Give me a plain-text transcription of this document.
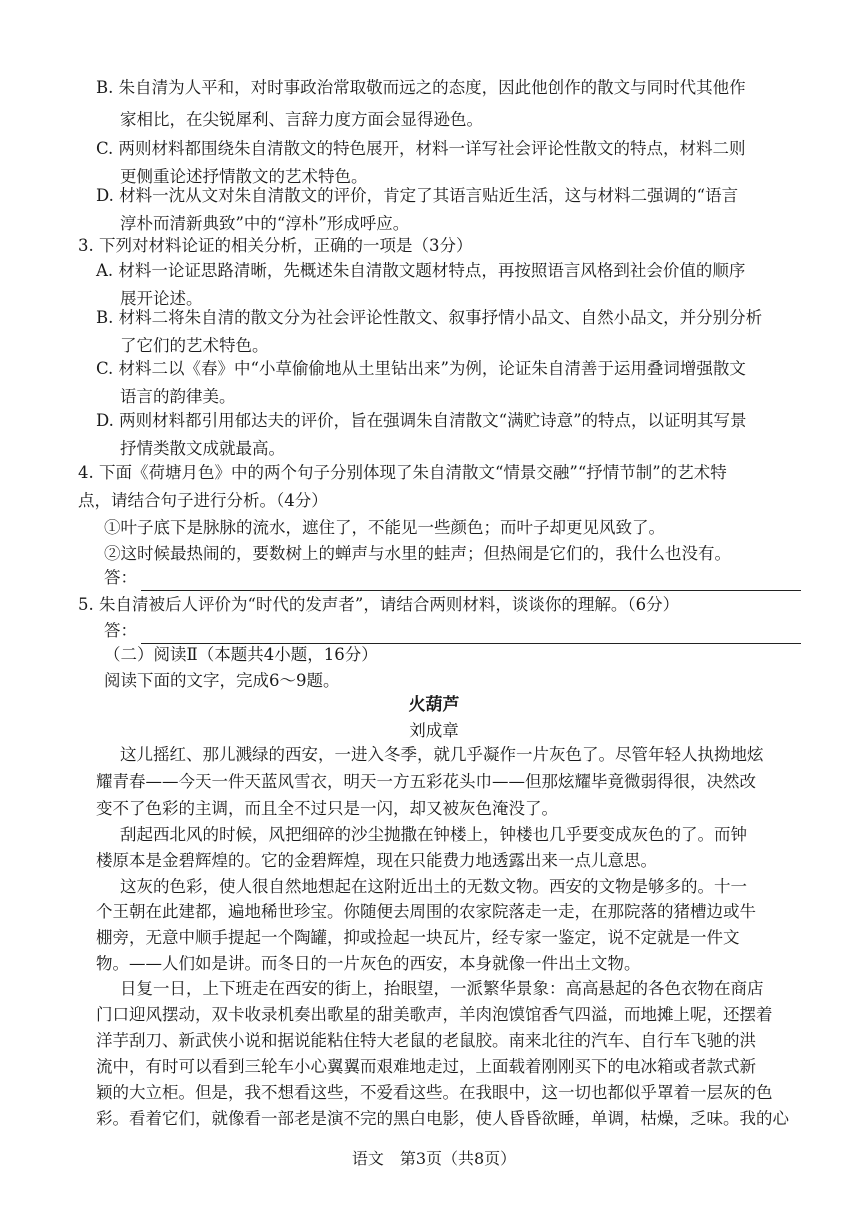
B. 朱自清为人平和，对时事政治常取敬而远之的态度，因此他创作的散文与同时代其他作
家相比，在尖锐犀利、言辞力度方面会显得逊色。
C. 两则材料都围绕朱自清散文的特色展开，材料一详写社会评论性散文的特点，材料二则
更侧重论述抒情散文的艺术特色。
D. 材料一沈从文对朱自清散文的评价，肯定了其语言贴近生活，这与材料二强调的“语言
淳朴而清新典致”中的“淳朴”形成呼应。
3. 下列对材料论证的相关分析，正确的一项是（3分）
A. 材料一论证思路清晰，先概述朱自清散文题材特点，再按照语言风格到社会价值的顺序
展开论述。
B. 材料二将朱自清的散文分为社会评论性散文、叙事抒情小品文、自然小品文，并分别分析
了它们的艺术特色。
C. 材料二以《春》中“小草偷偷地从土里钻出来”为例，论证朱自清善于运用叠词增强散文
语言的韵律美。
D. 两则材料都引用郁达夫的评价，旨在强调朱自清散文“满贮诗意”的特点，以证明其写景
抒情类散文成就最高。
4. 下面《荷塘月色》中的两个句子分别体现了朱自清散文“情景交融”“抒情节制”的艺术特
点，请结合句子进行分析。（4分）
①叶子底下是脉脉的流水，遮住了，不能见一些颜色；而叶子却更见风致了。
②这时候最热闹的，要数树上的蝉声与水里的蛙声；但热闹是它们的，我什么也没有。
答：
5. 朱自清被后人评价为“时代的发声者”，请结合两则材料，谈谈你的理解。（6分）
答：
（二）阅读Ⅱ（本题共4小题，16分）
阅读下面的文字，完成6～9题。
火葫芦
刘成章
这儿摇红、那儿溅绿的西安，一进入冬季，就几乎凝作一片灰色了。尽管年轻人执拗地炫
耀青春——今天一件天蓝风雪衣，明天一方五彩花头巾——但那炫耀毕竟微弱得很，决然改
变不了色彩的主调，而且全不过只是一闪，却又被灰色淹没了。
刮起西北风的时候，风把细碎的沙尘抛撒在钟楼上，钟楼也几乎要变成灰色的了。而钟
楼原本是金碧辉煌的。它的金碧辉煌，现在只能费力地透露出来一点儿意思。
这灰的色彩，使人很自然地想起在这附近出土的无数文物。西安的文物是够多的。十一
个王朝在此建都，遍地稀世珍宝。你随便去周围的农家院落走一走，在那院落的猪槽边或牛
棚旁，无意中顺手提起一个陶罐，抑或捡起一块瓦片，经专家一鉴定，说不定就是一件文
物。——人们如是讲。而冬日的一片灰色的西安，本身就像一件出土文物。
日复一日，上下班走在西安的街上，抬眼望，一派繁华景象：高高悬起的各色衣物在商店
门口迎风摆动，双卡收录机奏出歌星的甜美歌声，羊肉泡馍馆香气四溢，而地摊上呢，还摆着
洋芋刮刀、新武侠小说和据说能粘住特大老鼠的老鼠胶。南来北往的汽车、自行车飞驰的洪
流中，有时可以看到三轮车小心翼翼而艰难地走过，上面载着刚刚买下的电冰箱或者款式新
颖的大立柜。但是，我不想看这些，不爱看这些。在我眼中，这一切也都似乎罩着一层灰的色
彩。看着它们，就像看一部老是演不完的黑白电影，使人昏昏欲睡，单调，枯燥，乏味。我的心
语文　第3页（共8页）
